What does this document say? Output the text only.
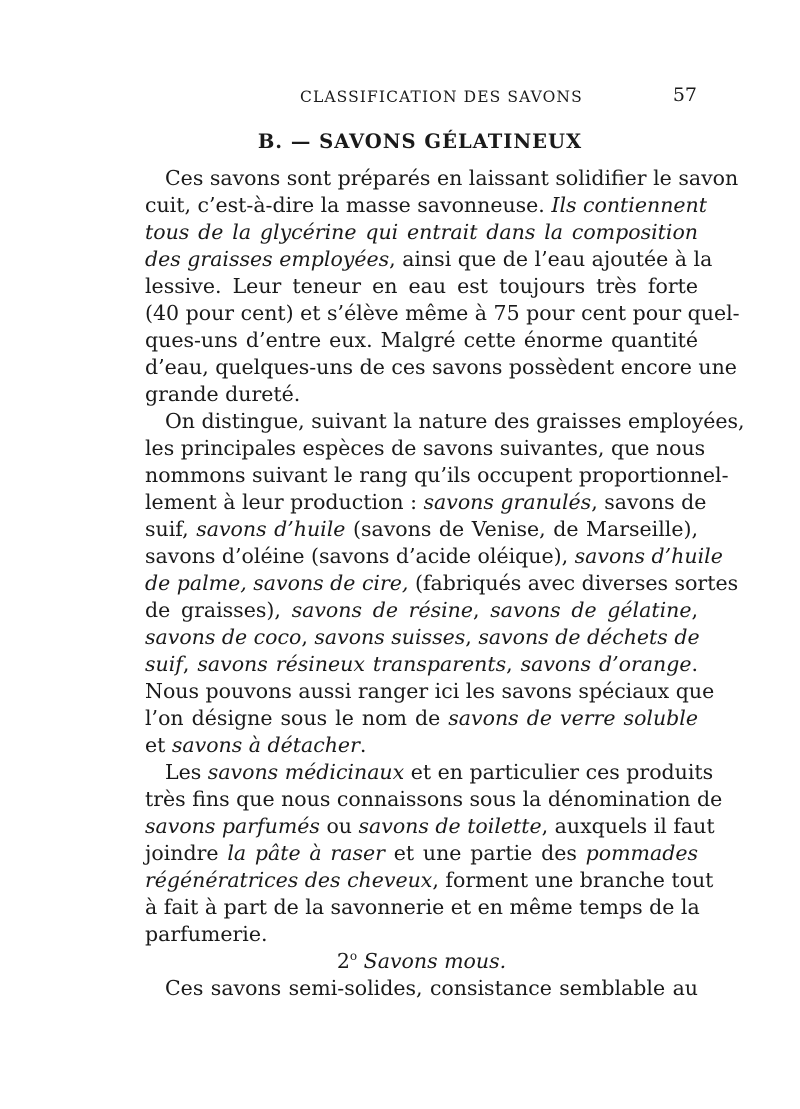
CLASSIFICATION DES SAVONS	57
B. — SAVONS GÉLATINEUX
Ces savons sont préparés en laissant solidifier le savon
cuit, c’est-à-dire la masse savonneuse. Ils contiennent
tous de la glycérine qui entrait dans la composition
des graisses employées, ainsi que de l’eau ajoutée à la
lessive. Leur teneur en eau est toujours très forte
(40 pour cent) et s’élève même à 75 pour cent pour quel-
ques-uns d’entre eux. Malgré cette énorme quantité
d’eau, quelques-uns de ces savons possèdent encore une
grande dureté.
On distingue, suivant la nature des graisses employées,
les principales espèces de savons suivantes, que nous
nommons suivant le rang qu’ils occupent proportionnel-
lement à leur production : savons granulés, savons de
suif, savons d’huile (savons de Venise, de Marseille),
savons d’oléine (savons d’acide oléique), savons d’huile
de palme, savons de cire, (fabriqués avec diverses sortes
de graisses), savons de résine, savons de gélatine,
savons de coco, savons suisses, savons de déchets de
suif, savons résineux transparents, savons d’orange.
Nous pouvons aussi ranger ici les savons spéciaux que
l’on désigne sous le nom de savons de verre soluble
et savons à détacher.
Les savons médicinaux et en particulier ces produits
très fins que nous connaissons sous la dénomination de
savons parfumés ou savons de toilette, auxquels il faut
joindre la pâte à raser et une partie des pommades
régénératrices des cheveux, forment une branche tout
à fait à part de la savonnerie et en même temps de la
parfumerie.
2$^o$ Savons mous.
Ces savons semi-solides, consistance semblable au
